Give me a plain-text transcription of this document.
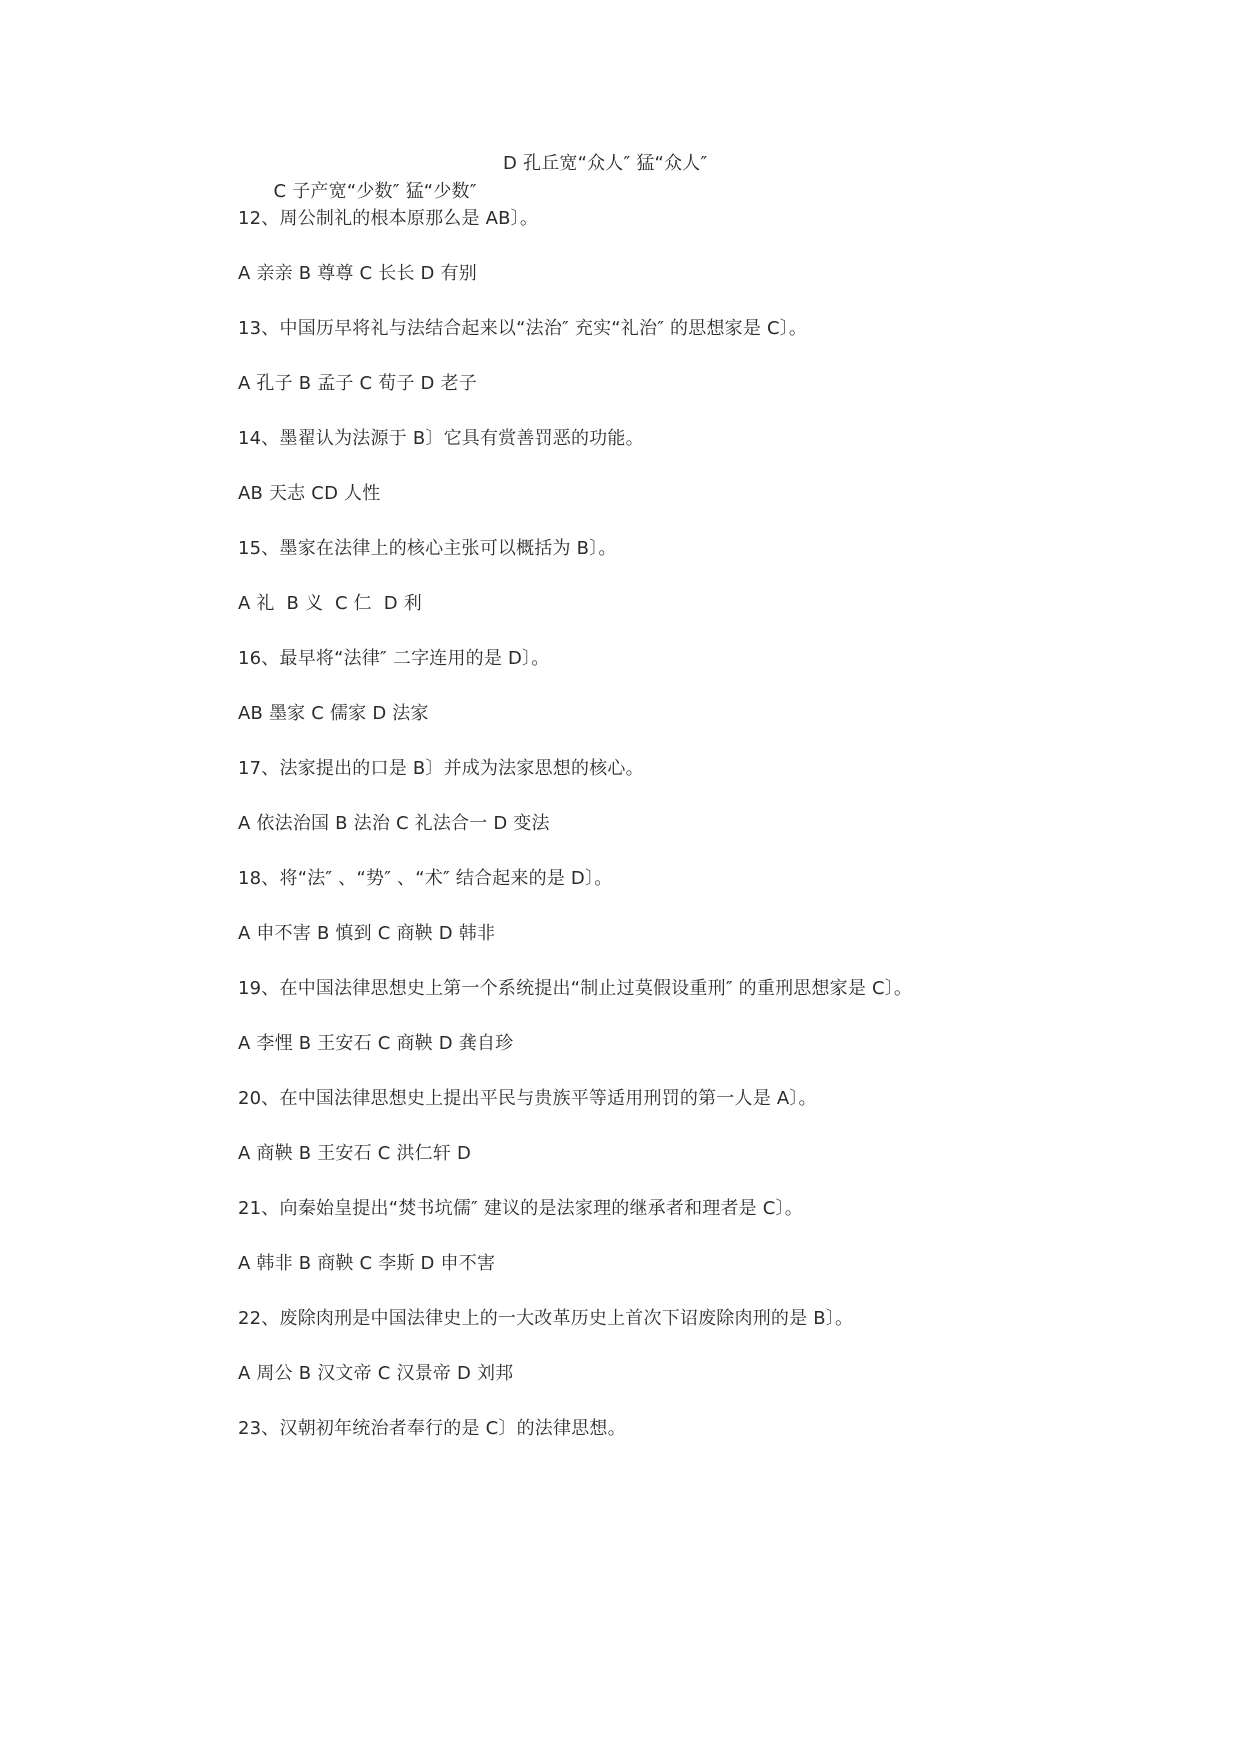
C 子产宽“少数″ 猛“少数″

D 孔丘宽“众人″ 猛“众人″

12、周公制礼的根本原那么是 AB〕。
A 亲亲 B 尊尊 C 长长 D 有别
13、中国历早将礼与法结合起来以“法治″ 充实“礼治″ 的思想家是 C〕。
A 孔子 B 孟子 C 荀子 D 老子
14、墨翟认为法源于 B〕它具有赏善罚恶的功能。
AB 天志 CD 人性
15、墨家在法律上的核心主张可以概括为 B〕。
A 礼  B 义  C 仁  D 利
16、最早将“法律″ 二字连用的是 D〕。
AB 墨家 C 儒家 D 法家
17、法家提出的口是 B〕并成为法家思想的核心。
A 依法治国 B 法治 C 礼法合一 D 变法
18、将“法″ 、“势″ 、“术″ 结合起来的是 D〕。
A 申不害 B 慎到 C 商鞅 D 韩非
19、在中国法律思想史上第一个系统提出“制止过莫假设重刑″ 的重刑思想家是 C〕。
A 李悝 B 王安石 C 商鞅 D 龚自珍
20、在中国法律思想史上提出平民与贵族平等适用刑罚的第一人是 A〕。
A 商鞅 B 王安石 C 洪仁轩 D
21、向秦始皇提出“焚书坑儒″ 建议的是法家理的继承者和理者是 C〕。
A 韩非 B 商鞅 C 李斯 D 申不害
22、废除肉刑是中国法律史上的一大改革历史上首次下诏废除肉刑的是 B〕。
A 周公 B 汉文帝 C 汉景帝 D 刘邦
23、汉朝初年统治者奉行的是 C〕的法律思想。
